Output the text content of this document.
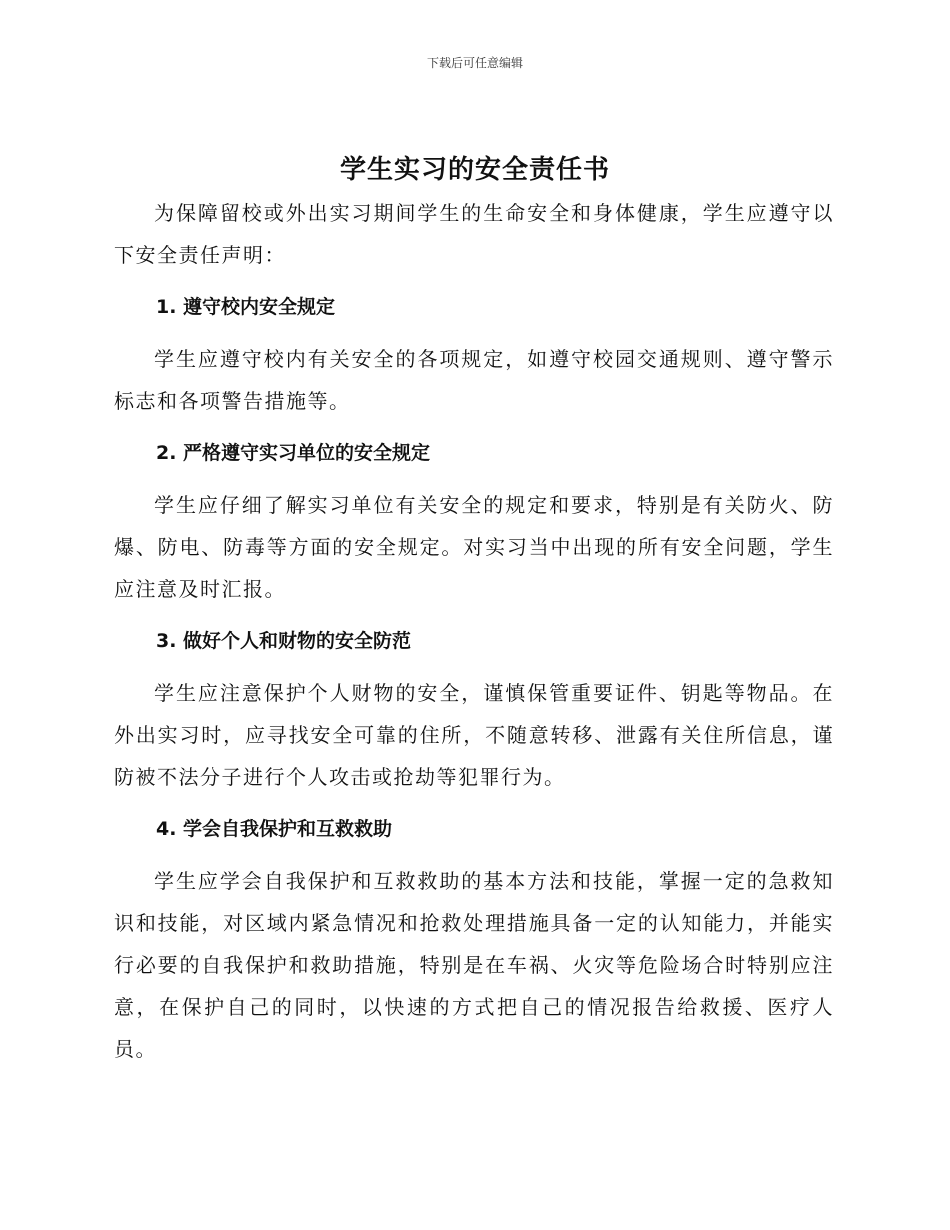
下载后可任意编辑
学生实习的安全责任书

为保障留校或外出实习期间学生的生命安全和身体健康，学生应遵守以下安全责任声明：

1. 遵守校内安全规定

学生应遵守校内有关安全的各项规定，如遵守校园交通规则、遵守警示标志和各项警告措施等。

2. 严格遵守实习单位的安全规定

学生应仔细了解实习单位有关安全的规定和要求，特别是有关防火、防爆、防电、防毒等方面的安全规定。对实习当中出现的所有安全问题，学生应注意及时汇报。

3. 做好个人和财物的安全防范

学生应注意保护个人财物的安全，谨慎保管重要证件、钥匙等物品。在外出实习时，应寻找安全可靠的住所，不随意转移、泄露有关住所信息，谨防被不法分子进行个人攻击或抢劫等犯罪行为。

4. 学会自我保护和互救救助

学生应学会自我保护和互救救助的基本方法和技能，掌握一定的急救知识和技能，对区域内紧急情况和抢救处理措施具备一定的认知能力，并能实行必要的自我保护和救助措施，特别是在车祸、火灾等危险场合时特别应注意，在保护自己的同时，以快速的方式把自己的情况报告给救援、医疗人员。
